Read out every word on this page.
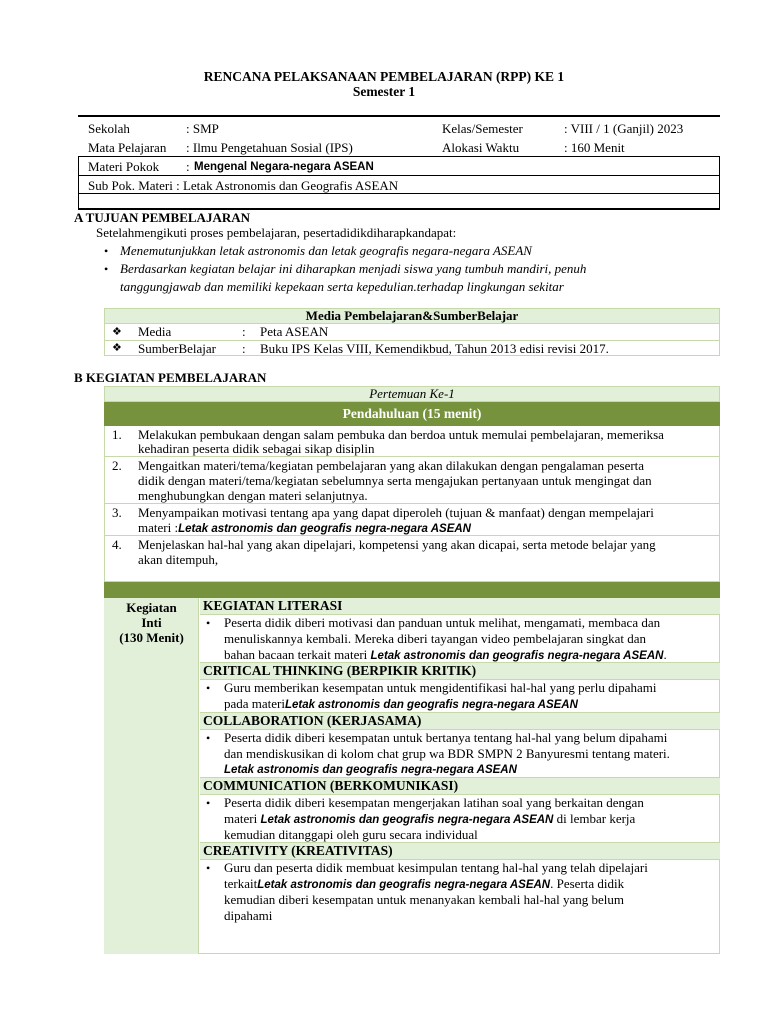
RENCANA PELAKSANAAN PEMBELAJARAN (RPP) KE 1
Semester 1
Sekolah	: SMP	Kelas/Semester	: VIII / 1 (Ganjil) 2023
Mata Pelajaran : Ilmu Pengetahuan Sosial (IPS)	Alokasi Waktu	: 160 Menit
Materi Pokok : Mengenal Negara-negara ASEAN
Sub Pok. Materi : Letak Astronomis dan Geografis ASEAN
A TUJUAN PEMBELAJARAN
Setelahmengikuti proses pembelajaran, pesertadidikdiharapkandapat:
• Menemutunjukkan letak astronomis dan letak geografis negara-negara ASEAN
• Berdasarkan kegiatan belajar ini diharapkan menjadi siswa yang tumbuh mandiri, penuh
tanggungjawab dan memiliki kepekaan serta kepedulian.terhadap lingkungan sekitar
Media Pembelajaran&SumberBelajar
❖ Media	: Peta ASEAN
❖ SumberBelajar : Buku IPS Kelas VIII, Kemendikbud, Tahun 2013 edisi revisi 2017.
B KEGIATAN PEMBELAJARAN
Pertemuan Ke-1
Pendahuluan (15 menit)
1. Melakukan pembukaan dengan salam pembuka dan berdoa untuk memulai pembelajaran, memeriksa
kehadiran peserta didik sebagai sikap disiplin
2. Mengaitkan materi/tema/kegiatan pembelajaran yang akan dilakukan dengan pengalaman peserta
didik dengan materi/tema/kegiatan sebelumnya serta mengajukan pertanyaan untuk mengingat dan
menghubungkan dengan materi selanjutnya.
3. Menyampaikan motivasi tentang apa yang dapat diperoleh (tujuan & manfaat) dengan mempelajari
materi :Letak astronomis dan geografis negra-negara ASEAN
4. Menjelaskan hal-hal yang akan dipelajari, kompetensi yang akan dicapai, serta metode belajar yang
akan ditempuh,
Kegiatan
Inti
(130 Menit)
KEGIATAN LITERASI
• Peserta didik diberi motivasi dan panduan untuk melihat, mengamati, membaca dan
menuliskannya kembali. Mereka diberi tayangan video pembelajaran singkat dan
bahan bacaan terkait materi Letak astronomis dan geografis negra-negara ASEAN.
CRITICAL THINKING (BERPIKIR KRITIK)
• Guru memberikan kesempatan untuk mengidentifikasi hal-hal yang perlu dipahami
pada materiLetak astronomis dan geografis negra-negara ASEAN
COLLABORATION (KERJASAMA)
• Peserta didik diberi kesempatan untuk bertanya tentang hal-hal yang belum dipahami
dan mendiskusikan di kolom chat grup wa BDR SMPN 2 Banyuresmi tentang materi.
Letak astronomis dan geografis negra-negara ASEAN
COMMUNICATION (BERKOMUNIKASI)
• Peserta didik diberi kesempatan mengerjakan latihan soal yang berkaitan dengan
materi Letak astronomis dan geografis negra-negara ASEAN di lembar kerja
kemudian ditanggapi oleh guru secara individual
CREATIVITY (KREATIVITAS)
• Guru dan peserta didik membuat kesimpulan tentang hal-hal yang telah dipelajari
terkaitLetak astronomis dan geografis negra-negara ASEAN. Peserta didik
kemudian diberi kesempatan untuk menanyakan kembali hal-hal yang belum
dipahami
